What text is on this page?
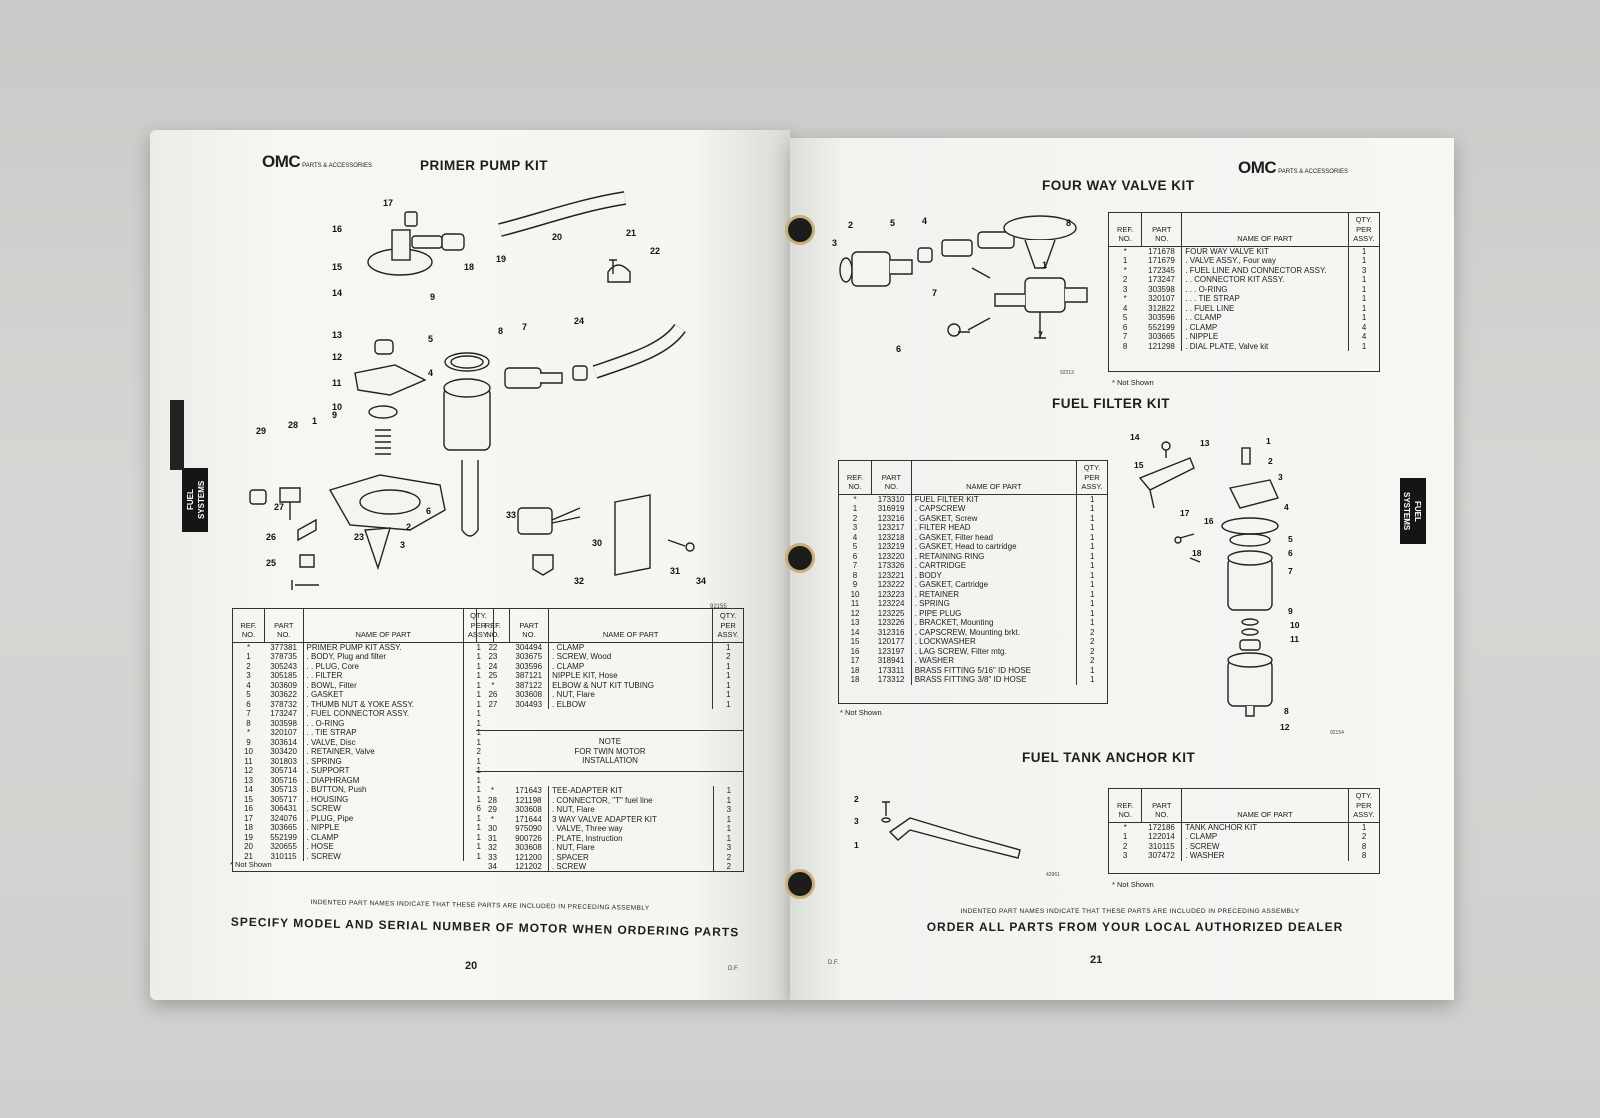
OMC PARTS & ACCESSORIES	PRIMER PUMP KIT
FUEL SYSTEMS
17
16
15
14
13
12
11
10
9
18
19
20	21
22
9
5
4
8 7
24
29
28 1
27
26
25
23
3
2
6	33
30
32
31
34
92155
REF. NO.	PART NO.	NAME OF PART	QTY. PER ASSY.
*	377381	PRIMER PUMP KIT ASSY.	1
1	378735	. BODY, Plug and filter	1
2	305243	. . PLUG, Core	1
3	305185	. . FILTER	1
4	303609	. BOWL, Filter	1
5	303622	. GASKET	1
6	378732	. THUMB NUT & YOKE ASSY.	1
7	173247	. FUEL CONNECTOR ASSY.	1
8	303598	. . O-RING	1
*	320107	. . TIE STRAP	1
9	303614	. VALVE, Disc	1
10	303420	. RETAINER, Valve	2
11	301803	. SPRING	1
12	305714	. SUPPORT	1
13	305716	. DIAPHRAGM	1
14	305713	. BUTTON, Push	1
15	305717	. HOUSING	1
16	306431	. SCREW	6
17	324076	. PLUG, Pipe	1
18	303665	. NIPPLE	1
19	552199	. CLAMP	1
20	320655	. HOSE	1
21	310115	. SCREW	1
REF. NO.	PART NO.	NAME OF PART	QTY. PER ASSY.
22	304494	. CLAMP	1
23	303675	. SCREW, Wood	2
24	303596	. CLAMP	1
25	387121	NIPPLE KIT, Hose	1
*	387122	ELBOW & NUT KIT TUBING	1
26	303608	. NUT, Flare	1
27	304493	. ELBOW	1
NOTE
FOR TWIN MOTOR INSTALLATION
*	171643	TEE-ADAPTER KIT	1
28	121198	. CONNECTOR, "T" fuel line	1
29	303608	. NUT, Flare	3
*	171644	3 WAY VALVE ADAPTER KIT	1
30	975090	. VALVE, Three way	1
31	900726	. PLATE, Instruction	1
32	303608	. NUT, Flare	3
33	121200	. SPACER	2
34	121202	. SCREW	2
* Not Shown
INDENTED PART NAMES INDICATE THAT THESE PARTS ARE INCLUDED IN PRECEDING ASSEMBLY
SPECIFY MODEL AND SERIAL NUMBER OF MOTOR WHEN ORDERING PARTS
20	D.F.
OMC PARTS & ACCESSORIES
FUEL SYSTEMS
FOUR WAY VALVE KIT
2	5	4	8
3
1
7
7
6
92213
REF. NO.	PART NO.	NAME OF PART	QTY. PER ASSY.
*	171678	FOUR WAY VALVE KIT	1
1	171679	. VALVE ASSY., Four way	1
*	172345	. FUEL LINE AND CONNECTOR ASSY.	3
2	173247	. . CONNECTOR KIT ASSY.	1
3	303598	. . . O-RING	1
*	320107	. . . TIE STRAP	1
4	312822	. . FUEL LINE	1
5	303596	. . CLAMP	1
6	552199	. CLAMP	4
7	303665	. NIPPLE	4
8	121298	. DIAL PLATE, Valve kit	1
* Not Shown
FUEL FILTER KIT
REF. NO.	PART NO.	NAME OF PART	QTY. PER ASSY.
*	173310	FUEL FILTER KIT	1
1	316919	. CAPSCREW	1
2	123216	. GASKET, Screw	1
3	123217	. FILTER HEAD	1
4	123218	. GASKET, Filter head	1
5	123219	. GASKET, Head to cartridge	1
6	123220	. RETAINING RING	1
7	173326	. CARTRIDGE	1
8	123221	. BODY	1
9	123222	. GASKET, Cartridge	1
10	123223	. RETAINER	1
11	123224	. SPRING	1
12	123225	. PIPE PLUG	1
13	123226	. BRACKET, Mounting	1
14	312316	. CAPSCREW, Mounting brkt.	2
15	120177	. LOCKWASHER	2
16	123197	. LAG SCREW, Filter mtg.	2
17	318941	. WASHER	2
18	173311	BRASS FITTING 5/16" ID HOSE	1
18	173312	BRASS FITTING 3/8" ID HOSE	1
* Not Shown
14
13	1
15	2
3
17
16
4
18
5
6
7
9
10
11
8
12
92154
FUEL TANK ANCHOR KIT
2
3
1
42961
REF. NO.	PART NO.	NAME OF PART	QTY. PER ASSY.
*	172186	TANK ANCHOR KIT	1
1	122014	. CLAMP	2
2	310115	. SCREW	8
3	307472	. WASHER	8
* Not Shown
INDENTED PART NAMES INDICATE THAT THESE PARTS ARE INCLUDED IN PRECEDING ASSEMBLY
ORDER ALL PARTS FROM YOUR LOCAL AUTHORIZED DEALER
21
D.F.
